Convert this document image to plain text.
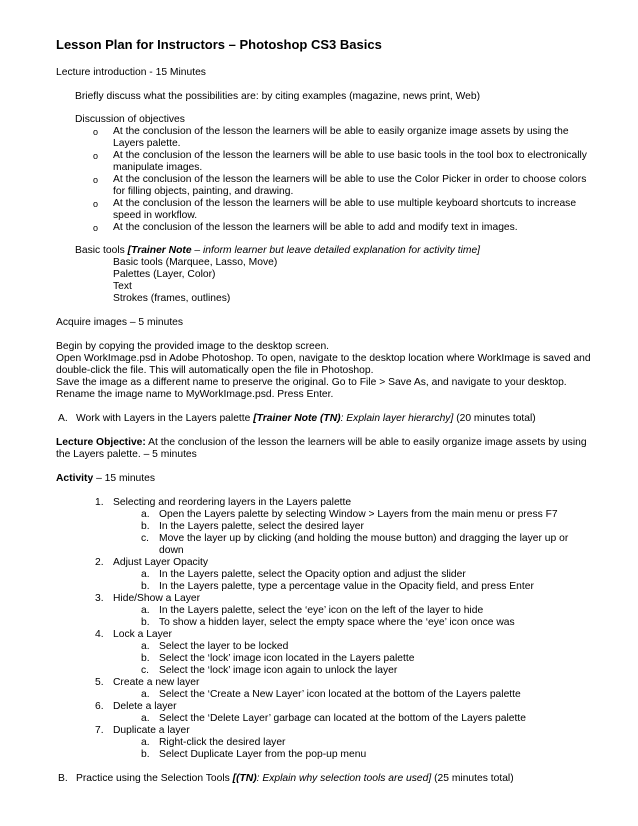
Lesson Plan for Instructors – Photoshop CS3 Basics
Lecture introduction - 15 Minutes
Briefly discuss what the possibilities are: by citing examples (magazine, news print, Web)
Discussion of objectives
o At the conclusion of the lesson the learners will be able to easily organize image assets by using the
Layers palette.
o At the conclusion of the lesson the learners will be able to use basic tools in the tool box to electronically
manipulate images.
o At the conclusion of the lesson the learners will be able to use the Color Picker in order to choose colors
for filling objects, painting, and drawing.
o At the conclusion of the lesson the learners will be able to use multiple keyboard shortcuts to increase
speed in workflow.
o At the conclusion of the lesson the learners will be able to add and modify text in images.
Basic tools [Trainer Note – inform learner but leave detailed explanation for activity time]
Basic tools (Marquee, Lasso, Move)
Palettes (Layer, Color)
Text
Strokes (frames, outlines)
Acquire images – 5 minutes
Begin by copying the provided image to the desktop screen.
Open WorkImage.psd in Adobe Photoshop. To open, navigate to the desktop location where WorkImage is saved and
double-click the file. This will automatically open the file in Photoshop.
Save the image as a different name to preserve the original. Go to File > Save As, and navigate to your desktop.
Rename the image name to MyWorkImage.psd. Press Enter.
A. Work with Layers in the Layers palette [Trainer Note (TN): Explain layer hierarchy] (20 minutes total)
Lecture Objective: At the conclusion of the lesson the learners will be able to easily organize image assets by using
the Layers palette. – 5 minutes
Activity – 15 minutes
1. Selecting and reordering layers in the Layers palette
a. Open the Layers palette by selecting Window > Layers from the main menu or press F7
b. In the Layers palette, select the desired layer
c. Move the layer up by clicking (and holding the mouse button) and dragging the layer up or
down
2. Adjust Layer Opacity
a. In the Layers palette, select the Opacity option and adjust the slider
b. In the Layers palette, type a percentage value in the Opacity field, and press Enter
3. Hide/Show a Layer
a. In the Layers palette, select the ‘eye’ icon on the left of the layer to hide
b. To show a hidden layer, select the empty space where the ‘eye’ icon once was
4. Lock a Layer
a. Select the layer to be locked
b. Select the ‘lock’ image icon located in the Layers palette
c. Select the ‘lock’ image icon again to unlock the layer
5. Create a new layer
a. Select the ‘Create a New Layer’ icon located at the bottom of the Layers palette
6. Delete a layer
a. Select the ‘Delete Layer’ garbage can located at the bottom of the Layers palette
7. Duplicate a layer
a. Right-click the desired layer
b. Select Duplicate Layer from the pop-up menu
B. Practice using the Selection Tools [(TN): Explain why selection tools are used] (25 minutes total)
